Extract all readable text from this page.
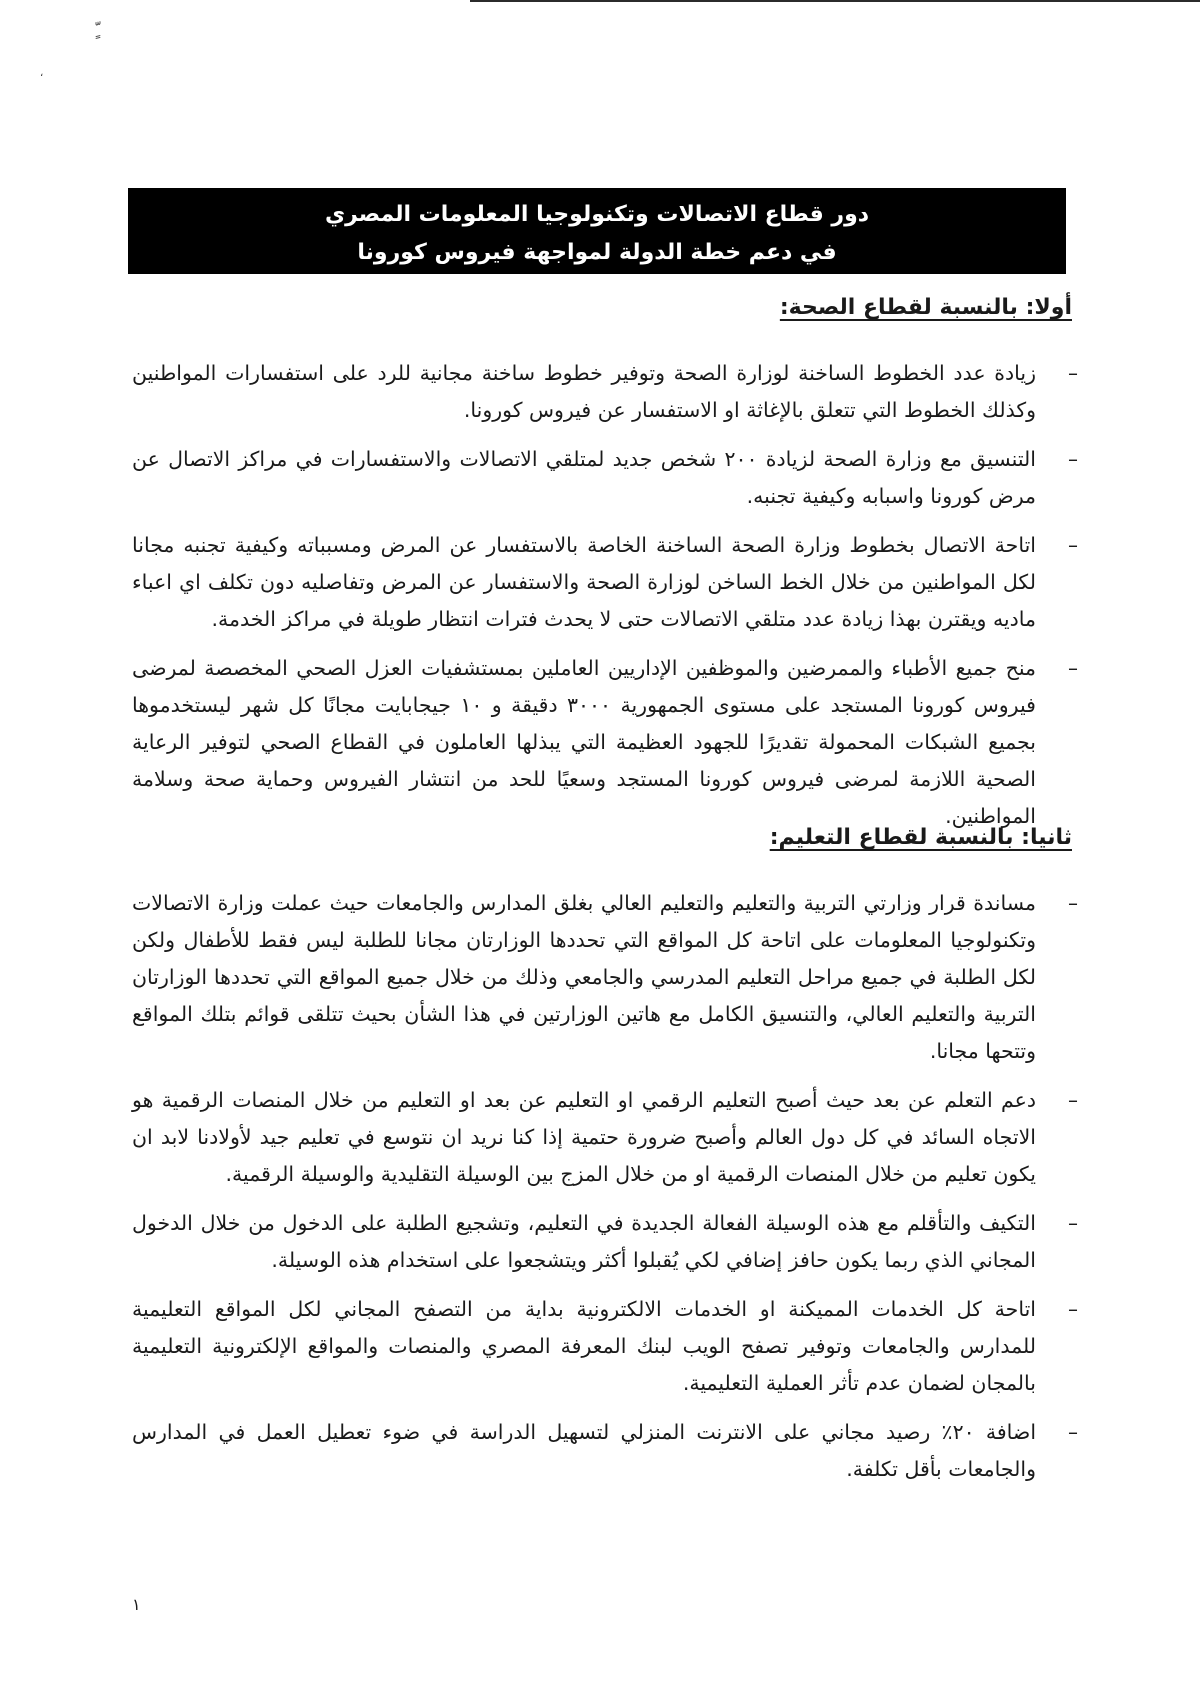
،
دور قطاع الاتصالات وتكنولوجيا المعلومات المصري
في دعم خطة الدولة لمواجهة فيروس كورونا
أولا: بالنسبة لقطاع الصحة:
–
زيادة عدد الخطوط الساخنة لوزارة الصحة وتوفير خطوط ساخنة مجانية للرد على استفسارات المواطنين وكذلك الخطوط التي تتعلق بالإغاثة او الاستفسار عن فيروس كورونا.
–
التنسيق مع وزارة الصحة لزيادة ٢٠٠ شخص جديد لمتلقي الاتصالات والاستفسارات في مراكز الاتصال عن مرض كورونا واسبابه وكيفية تجنبه.
–
اتاحة الاتصال بخطوط وزارة الصحة الساخنة الخاصة بالاستفسار عن المرض ومسبباته وكيفية تجنبه مجانا لكل المواطنين من خلال الخط الساخن لوزارة الصحة والاستفسار عن المرض وتفاصليه دون تكلف اي اعباء ماديه ويقترن بهذا زيادة عدد متلقي الاتصالات حتى لا يحدث فترات انتظار طويلة في مراكز الخدمة.
–
منح جميع الأطباء والممرضين والموظفين الإداريين العاملين بمستشفيات العزل الصحي المخصصة لمرضى فيروس كورونا المستجد على مستوى الجمهورية ٣٠٠٠ دقيقة و ١٠ جيجابايت مجانًا كل شهر ليستخدموها بجميع الشبكات المحمولة تقديرًا للجهود العظيمة التي يبذلها العاملون في القطاع الصحي لتوفير الرعاية الصحية اللازمة لمرضى فيروس كورونا المستجد وسعيًا للحد من انتشار الفيروس وحماية صحة وسلامة المواطنين.
ثانيا: بالنسبة لقطاع التعليم:
–
مساندة قرار وزارتي التربية والتعليم والتعليم العالي بغلق المدارس والجامعات حيث عملت وزارة الاتصالات وتكنولوجيا المعلومات على اتاحة كل المواقع التي تحددها الوزارتان مجانا للطلبة ليس فقط للأطفال ولكن لكل الطلبة في جميع مراحل التعليم المدرسي والجامعي وذلك من خلال جميع المواقع التي تحددها الوزارتان التربية والتعليم العالي، والتنسيق الكامل مع هاتين الوزارتين في هذا الشأن بحيث تتلقى قوائم بتلك المواقع وتتحها مجانا.
–
دعم التعلم عن بعد حيث أصبح التعليم الرقمي او التعليم عن بعد او التعليم من خلال المنصات الرقمية هو الاتجاه السائد في كل دول العالم وأصبح ضرورة حتمية إذا كنا نريد ان نتوسع في تعليم جيد لأولادنا لابد ان يكون تعليم من خلال المنصات الرقمية او من خلال المزج بين الوسيلة التقليدية والوسيلة الرقمية.
–
التكيف والتأقلم مع هذه الوسيلة الفعالة الجديدة في التعليم، وتشجيع الطلبة على الدخول من خلال الدخول المجاني الذي ربما يكون حافز إضافي لكي يُقبلوا أكثر ويتشجعوا على استخدام هذه الوسيلة.
–
اتاحة كل الخدمات المميكنة او الخدمات الالكترونية بداية من التصفح المجاني لكل المواقع التعليمية للمدارس والجامعات وتوفير تصفح الويب لبنك المعرفة المصري والمنصات والمواقع الإلكترونية التعليمية بالمجان لضمان عدم تأثر العملية التعليمية.
–
اضافة ٢٠٪ رصيد مجاني على الانترنت المنزلي لتسهيل الدراسة في ضوء تعطيل العمل في المدارس والجامعات بأقل تكلفة.
١
